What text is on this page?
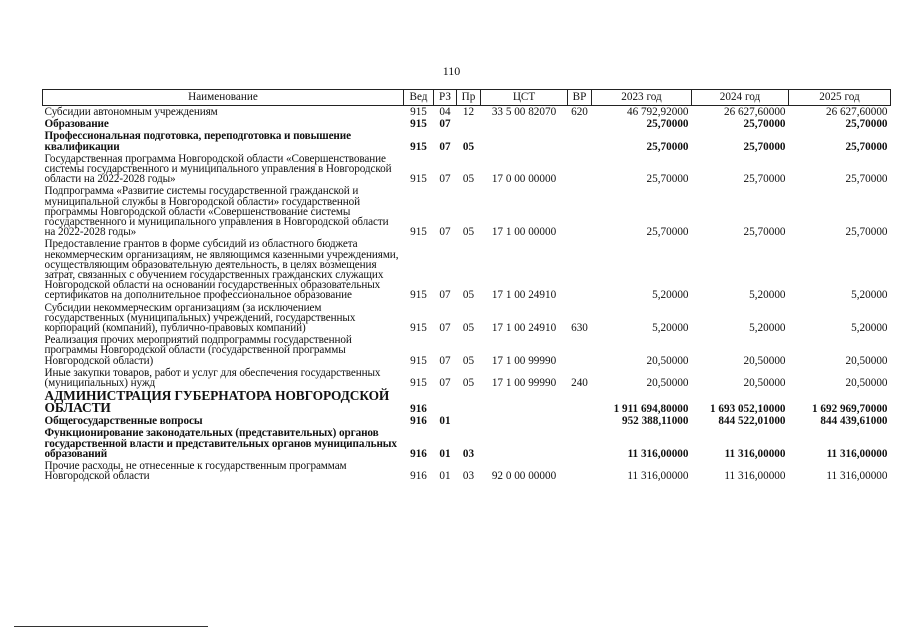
110
Наименование	Вед	РЗ	Пр	ЦСТ	ВР	2023 год	2024 год	2025 год
Субсидии автономным учреждениям	915	04	12	33 5 00 82070	620	46 792,92000	26 627,60000	26 627,60000
Образование	915	07				25,70000	25,70000	25,70000
Профессиональная подготовка, переподготовка и повышение квалификации	915	07	05			25,70000	25,70000	25,70000
Государственная программа Новгородской области «Совершенствование системы государственного и муниципального управления в Новгородской области на 2022-2028 годы»	915	07	05	17 0 00 00000		25,70000	25,70000	25,70000
Подпрограмма «Развитие системы государственной гражданской и муниципальной службы в Новгородской области» государственной программы Новгородской области «Совершенствование системы государственного и муниципального управления в Новгородской области на 2022-2028 годы»	915	07	05	17 1 00 00000		25,70000	25,70000	25,70000
Предоставление грантов в форме субсидий из областного бюджета некоммерческим организациям, не являющимся казенными учреждениями, осуществляющим образовательную деятельность, в целях возмещения затрат, связанных с обучением государственных гражданских служащих Новгородской области на основании государственных образовательных сертификатов на дополнительное профессиональное образование	915	07	05	17 1 00 24910		5,20000	5,20000	5,20000
Субсидии некоммерческим организациям (за исключением государственных (муниципальных) учреждений, государственных корпораций (компаний), публично-правовых компаний)	915	07	05	17 1 00 24910	630	5,20000	5,20000	5,20000
Реализация прочих мероприятий подпрограммы государственной программы Новгородской области (государственной программы Новгородской области)	915	07	05	17 1 00 99990		20,50000	20,50000	20,50000
Иные закупки товаров, работ и услуг для обеспечения государственных (муниципальных) нужд	915	07	05	17 1 00 99990	240	20,50000	20,50000	20,50000
АДМИНИСТРАЦИЯ ГУБЕРНАТОРА НОВГОРОДСКОЙ ОБЛАСТИ	916					1 911 694,80000	1 693 052,10000	1 692 969,70000
Общегосударственные вопросы	916	01				952 388,11000	844 522,01000	844 439,61000
Функционирование законодательных (представительных) органов государственной власти и представительных органов муниципальных образований	916	01	03			11 316,00000	11 316,00000	11 316,00000
Прочие расходы, не отнесенные к государственным программам Новгородской области	916	01	03	92 0 00 00000		11 316,00000	11 316,00000	11 316,00000
